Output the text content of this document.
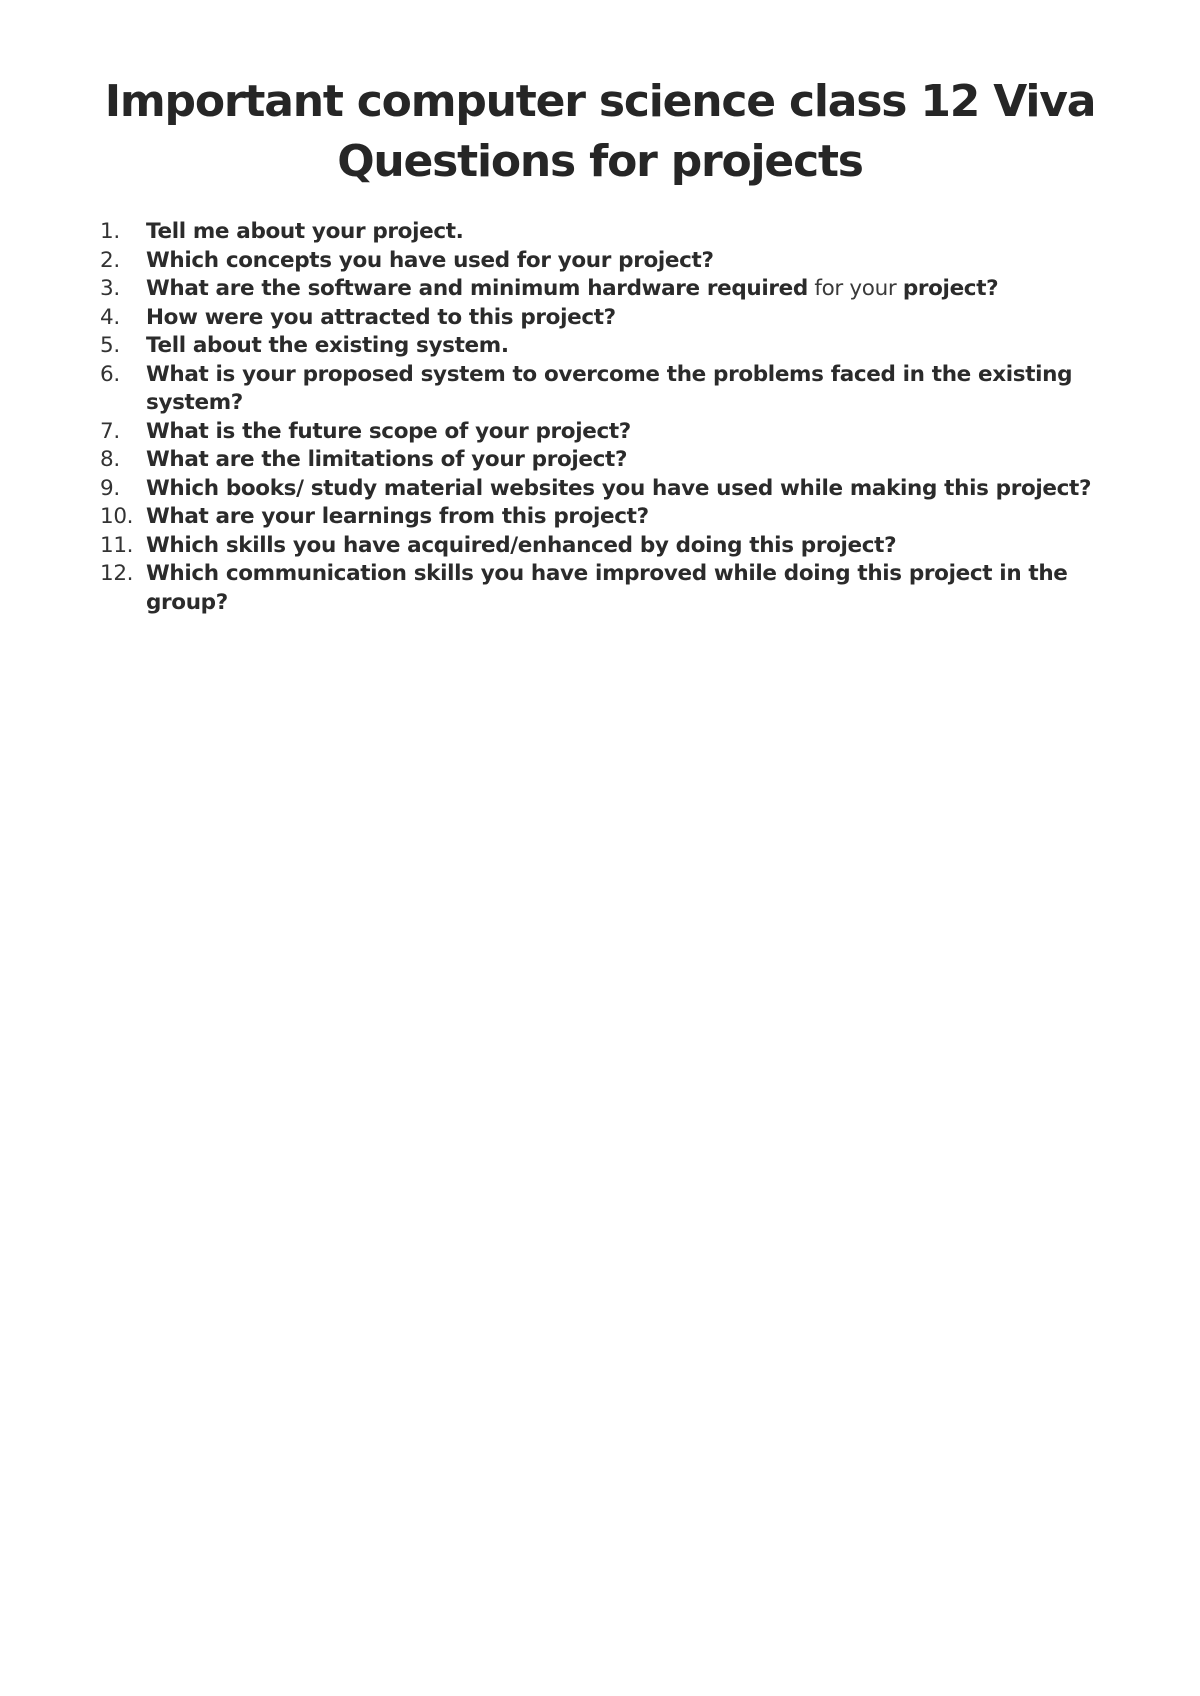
Important computer science class 12 Viva Questions for projects
1.	Tell me about your project.
2.	Which concepts you have used for your project?
3.	What are the software and minimum hardware required for your project?
4.	How were you attracted to this project?
5.	Tell about the existing system.
6.	What is your proposed system to overcome the problems faced in the existing system?
7.	What is the future scope of your project?
8.	What are the limitations of your project?
9.	Which books/ study material websites you have used while making this project?
10. What are your learnings from this project?
11. Which skills you have acquired/enhanced by doing this project?
12. Which communication skills you have improved while doing this project in the group?
